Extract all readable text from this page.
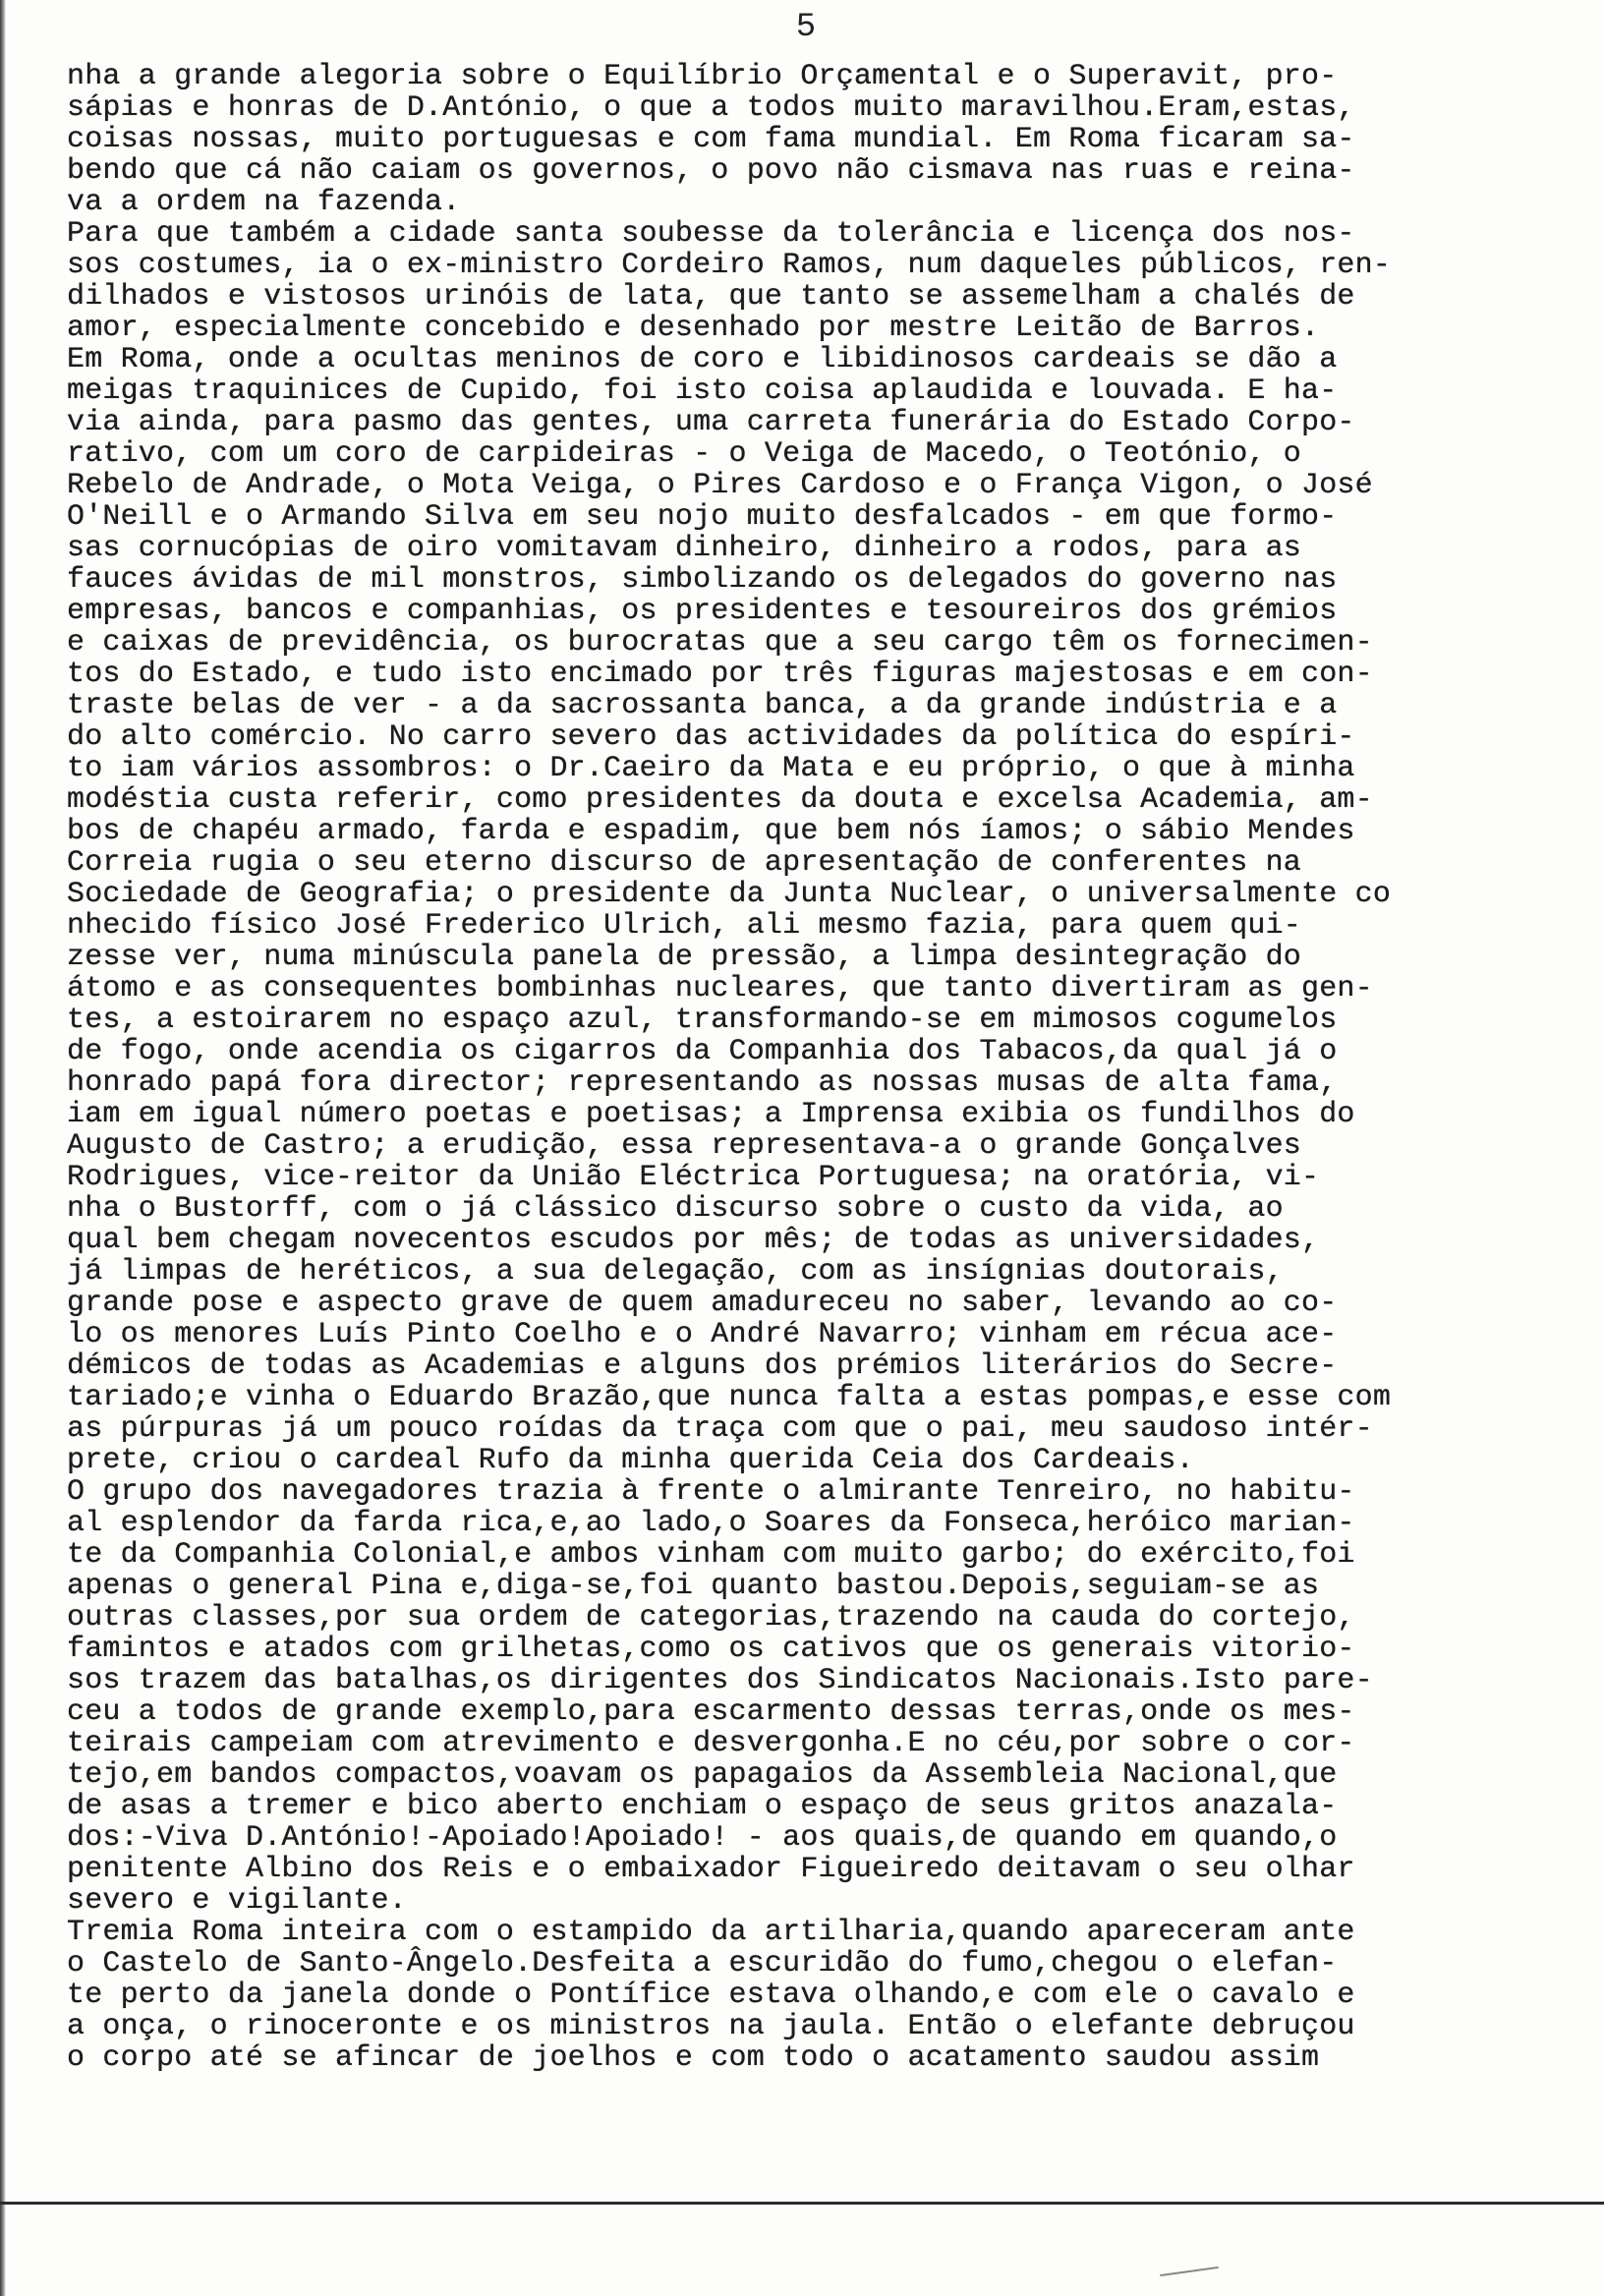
5
nha a grande alegoria sobre o Equilíbrio Orçamental e o Superavit, pro-
sápias e honras de D.António, o que a todos muito maravilhou.Eram,estas,
coisas nossas, muito portuguesas e com fama mundial. Em Roma ficaram sa-
bendo que cá não caiam os governos, o povo não cismava nas ruas e reina-
va a ordem na fazenda.
Para que também a cidade santa soubesse da tolerância e licença dos nos-
sos costumes, ia o ex-ministro Cordeiro Ramos, num daqueles públicos, ren-
dilhados e vistosos urinóis de lata, que tanto se assemelham a chalés de
amor, especialmente concebido e desenhado por mestre Leitão de Barros.
Em Roma, onde a ocultas meninos de coro e libidinosos cardeais se dão a
meigas traquinices de Cupido, foi isto coisa aplaudida e louvada. E ha-
via ainda, para pasmo das gentes, uma carreta funerária do Estado Corpo-
rativo, com um coro de carpideiras - o Veiga de Macedo, o Teotónio, o
Rebelo de Andrade, o Mota Veiga, o Pires Cardoso e o França Vigon, o José
O'Neill e o Armando Silva em seu nojo muito desfalcados - em que formo-
sas cornucópias de oiro vomitavam dinheiro, dinheiro a rodos, para as
fauces ávidas de mil monstros, simbolizando os delegados do governo nas
empresas, bancos e companhias, os presidentes e tesoureiros dos grémios
e caixas de previdência, os burocratas que a seu cargo têm os fornecimen-
tos do Estado, e tudo isto encimado por três figuras majestosas e em con-
traste belas de ver - a da sacrossanta banca, a da grande indústria e a
do alto comércio. No carro severo das actividades da política do espíri-
to iam vários assombros: o Dr.Caeiro da Mata e eu próprio, o que à minha
modéstia custa referir, como presidentes da douta e excelsa Academia, am-
bos de chapéu armado, farda e espadim, que bem nós íamos; o sábio Mendes
Correia rugia o seu eterno discurso de apresentação de conferentes na
Sociedade de Geografia; o presidente da Junta Nuclear, o universalmente co
nhecido físico José Frederico Ulrich, ali mesmo fazia, para quem qui-
zesse ver, numa minúscula panela de pressão, a limpa desintegração do
átomo e as consequentes bombinhas nucleares, que tanto divertiram as gen-
tes, a estoirarem no espaço azul, transformando-se em mimosos cogumelos
de fogo, onde acendia os cigarros da Companhia dos Tabacos,da qual já o
honrado papá fora director; representando as nossas musas de alta fama,
iam em igual número poetas e poetisas; a Imprensa exibia os fundilhos do
Augusto de Castro; a erudição, essa representava-a o grande Gonçalves
Rodrigues, vice-reitor da União Eléctrica Portuguesa; na oratória, vi-
nha o Bustorff, com o já clássico discurso sobre o custo da vida, ao
qual bem chegam novecentos escudos por mês; de todas as universidades,
já limpas de heréticos, a sua delegação, com as insígnias doutorais,
grande pose e aspecto grave de quem amadureceu no saber, levando ao co-
lo os menores Luís Pinto Coelho e o André Navarro; vinham em récua ace-
démicos de todas as Academias e alguns dos prémios literários do Secre-
tariado;e vinha o Eduardo Brazão,que nunca falta a estas pompas,e esse com
as púrpuras já um pouco roídas da traça com que o pai, meu saudoso intér-
prete, criou o cardeal Rufo da minha querida Ceia dos Cardeais.
O grupo dos navegadores trazia à frente o almirante Tenreiro, no habitu-
al esplendor da farda rica,e,ao lado,o Soares da Fonseca,heróico marian-
te da Companhia Colonial,e ambos vinham com muito garbo; do exército,foi
apenas o general Pina e,diga-se,foi quanto bastou.Depois,seguiam-se as
outras classes,por sua ordem de categorias,trazendo na cauda do cortejo,
famintos e atados com grilhetas,como os cativos que os generais vitorio-
sos trazem das batalhas,os dirigentes dos Sindicatos Nacionais.Isto pare-
ceu a todos de grande exemplo,para escarmento dessas terras,onde os mes-
teirais campeiam com atrevimento e desvergonha.E no céu,por sobre o cor-
tejo,em bandos compactos,voavam os papagaios da Assembleia Nacional,que
de asas a tremer e bico aberto enchiam o espaço de seus gritos anazala-
dos:-Viva D.António!-Apoiado!Apoiado! - aos quais,de quando em quando,o
penitente Albino dos Reis e o embaixador Figueiredo deitavam o seu olhar
severo e vigilante.
Tremia Roma inteira com o estampido da artilharia,quando apareceram ante
o Castelo de Santo-Ângelo.Desfeita a escuridão do fumo,chegou o elefan-
te perto da janela donde o Pontífice estava olhando,e com ele o cavalo e
a onça, o rinoceronte e os ministros na jaula. Então o elefante debruçou
o corpo até se afincar de joelhos e com todo o acatamento saudou assim
